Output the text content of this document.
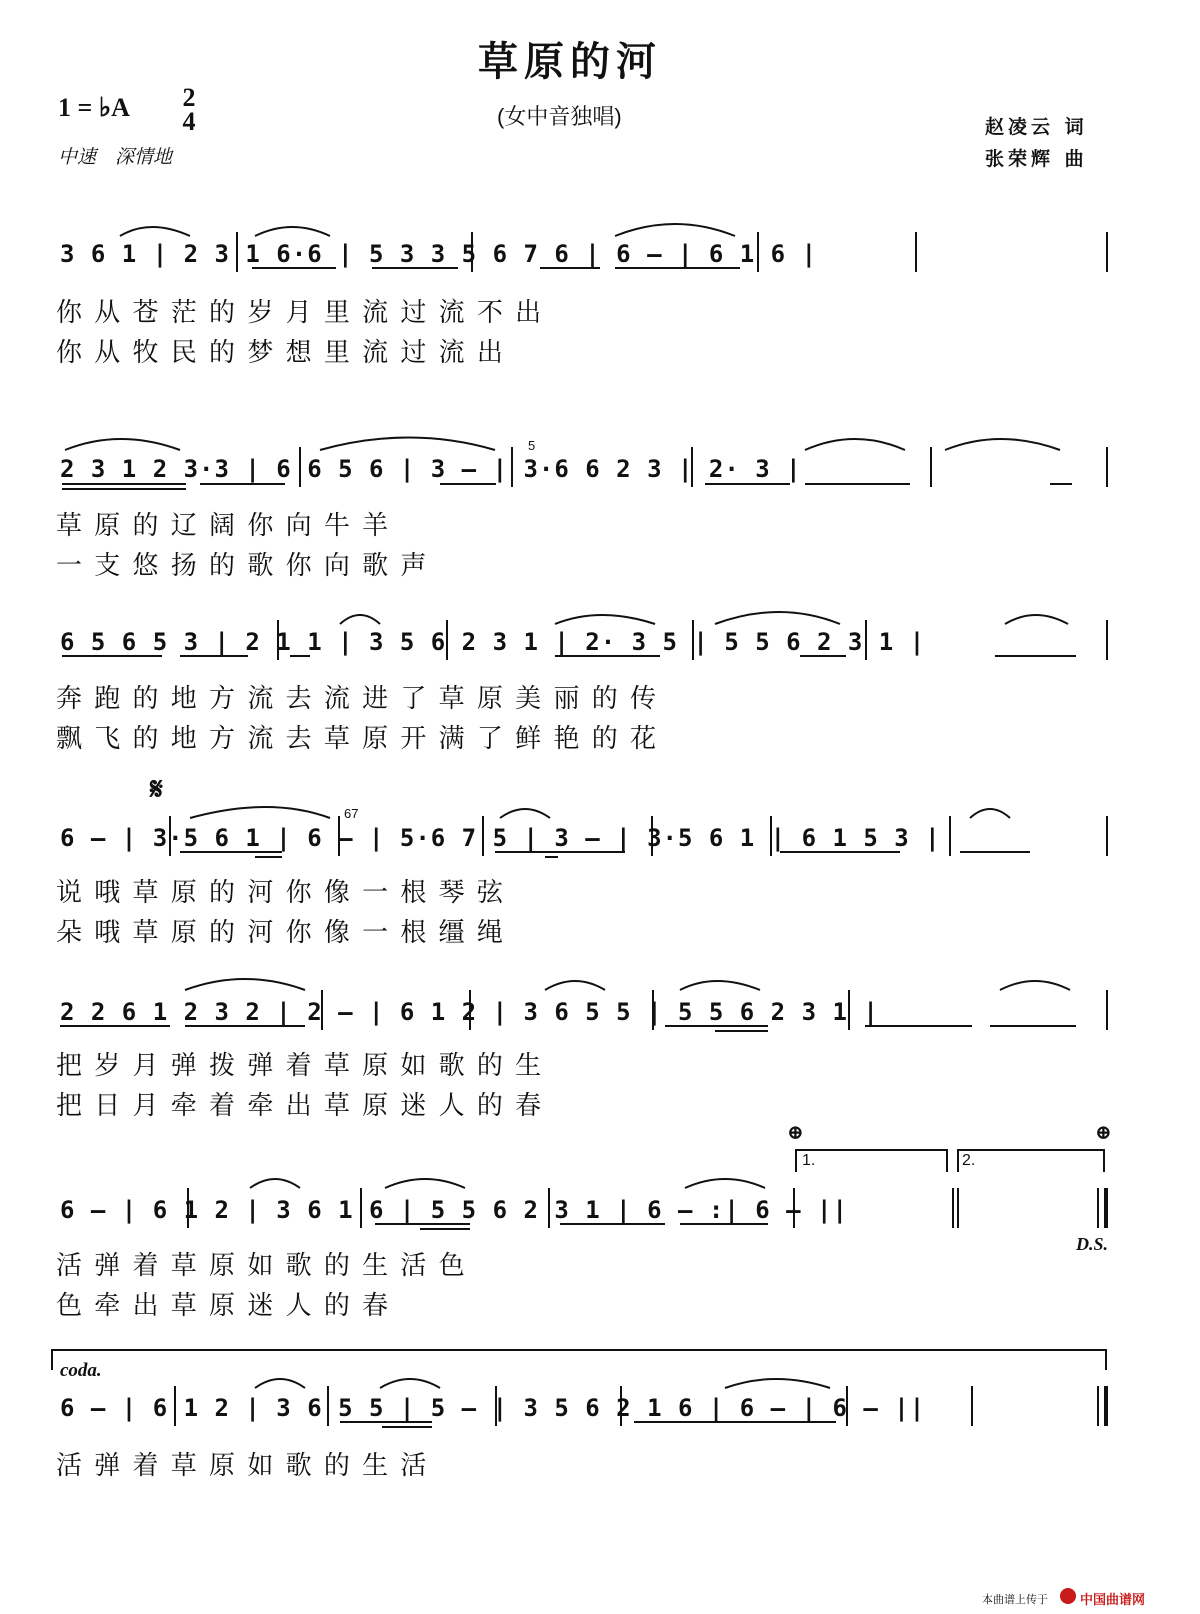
草原的河
(女中音独唱)
1 = ♭A 2
4
中速　深情地
赵凌云 词
张荣辉 曲
3 6 1 | 2 3 1 6·6 | 5 3 3 5 6 7 6 | 6 – | 6 1 6 |
你 从 苍 茫 的 岁 月 里 流 过 流 不 出
你 从 牧 民 的 梦 想 里 流 过 流 出
2 3 1 2 3·3 | 6 6 5 6 | 3 – | 3·6 6 2 3 | 2· 3 |
5
草 原 的 辽 阔 你 向 牛 羊
一 支 悠 扬 的 歌 你 向 歌 声
6 5 6 5 3 | 2 1 1 | 3 5 6 2 3 1 | 2· 3 5 | 5 5 6 2 3 1 |
奔 跑 的 地 方 流 去 流 进 了 草 原 美 丽 的 传
飘 飞 的 地 方 流 去 草 原 开 满 了 鲜 艳 的 花
𝄋
67
6 – | 3·5 6 1 | 6 – | 5·6 7 5 | 3 – | 3·5 6 1 | 6 1 5 3 |
说 哦 草 原 的 河 你 像 一 根 琴 弦
朵 哦 草 原 的 河 你 像 一 根 缰 绳
2 2 6 1 2 3 2 | 2 – | 6 1 2 | 3 6 5 5 | 5 5 6 2 3 1 |
把 岁 月 弹 拨 弹 着 草 原 如 歌 的 生
把 日 月 牵 着 牵 出 草 原 迷 人 的 春
⊕	⊕
1.	2.
6 – | 6 1 2 | 3 6 1 6 | 5 5 6 2 3 1 | 6 – :| 6 – ||
D.S.
活 弹 着 草 原 如 歌 的 生 活 色
色 牵 出 草 原 迷 人 的 春
coda.
6 – | 6 1 2 | 3 6 5 5 | 5 – | 3 5 6 2 1 6 | 6 – | 6 – ||
活 弹 着 草 原 如 歌 的 生 活
本曲谱上传于 中国曲谱网
